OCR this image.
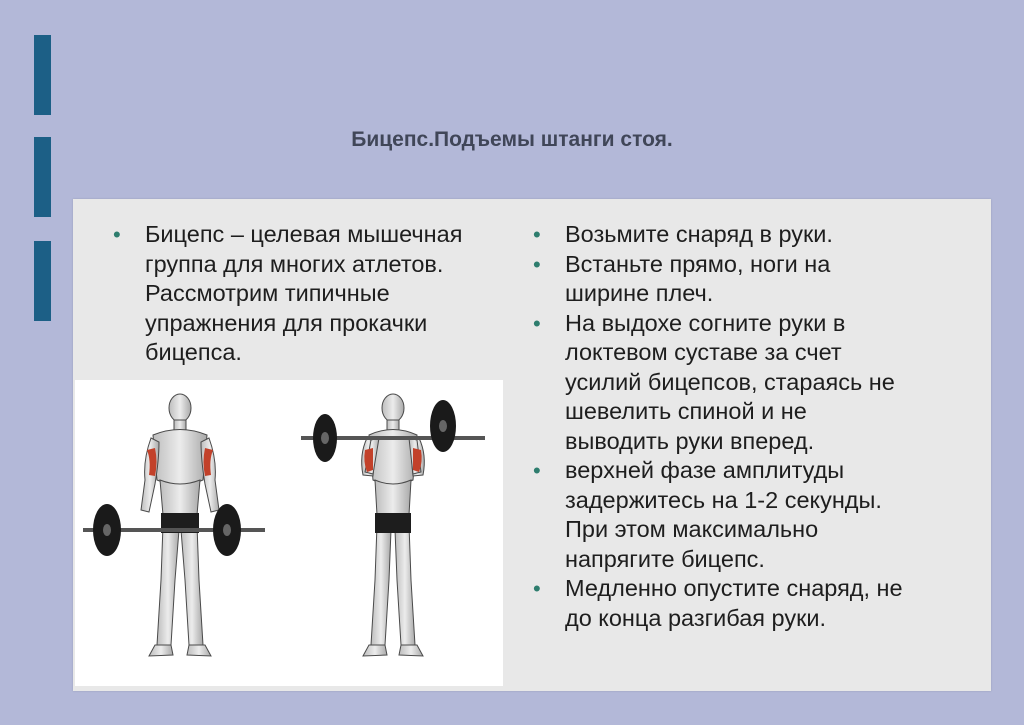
Бицепс.Подъемы штанги стоя.
• Бицепс – целевая мышечная группа для многих атлетов. Рассмотрим типичные упражнения для прокачки бицепса.
• Возьмите снаряд в руки.
• Встаньте прямо, ноги на ширине плеч.
• На выдохе согните руки в локтевом суставе за счет усилий бицепсов, стараясь не шевелить спиной и не выводить руки вперед.
• верхней фазе амплитуды задержитесь на 1-2 секунды. При этом максимально напрягите бицепс.
• Медленно опустите снаряд, не до конца разгибая руки.
